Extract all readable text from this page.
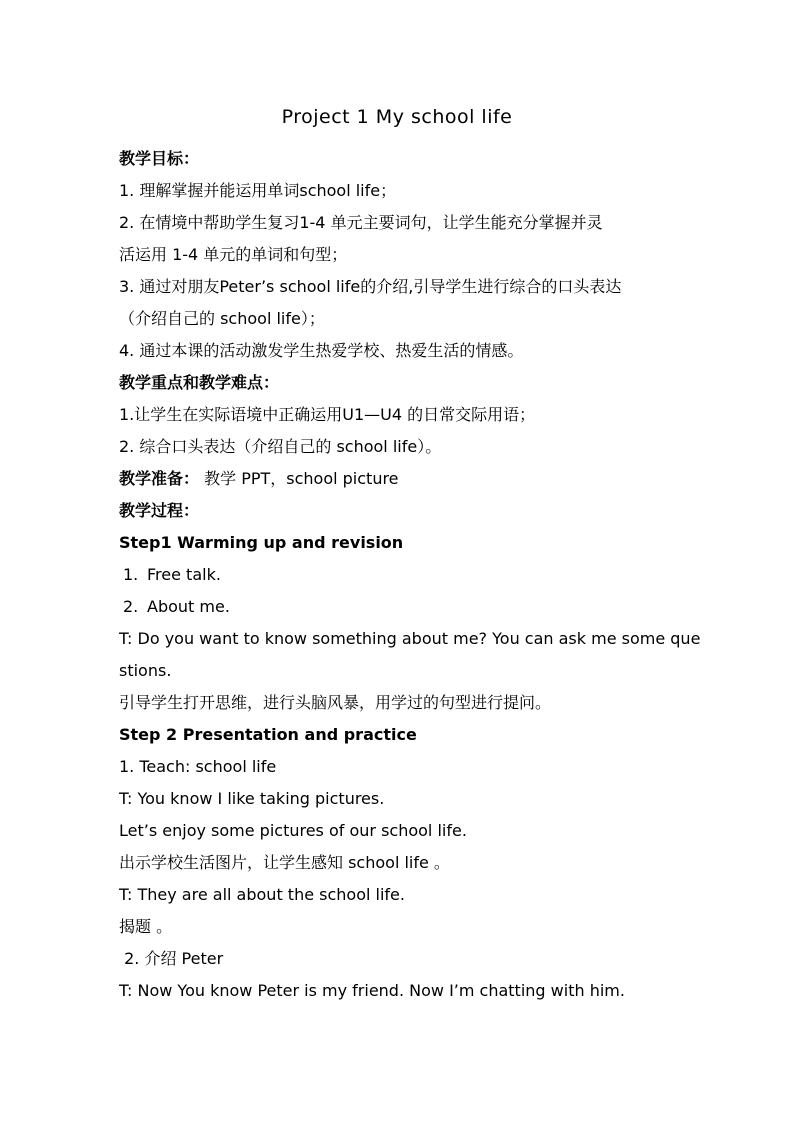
Project 1 My school life
教学目标：
1. 理解掌握并能运用单词school life；
2. 在情境中帮助学生复习1-4 单元主要词句，让学生能充分掌握并灵
活运用 1-4 单元的单词和句型；
3. 通过对朋友Peter’s school life的介绍,引导学生进行综合的口头表达
（介绍自己的 school life）；
4. 通过本课的活动激发学生热爱学校、热爱生活的情感。
教学重点和教学难点：
1.让学生在实际语境中正确运用U1—U4 的日常交际用语；
2. 综合口头表达（介绍自己的 school life）。
教学准备： 教学 PPT，school picture
教学过程：
Step1 Warming up and revision
1. Free talk.
2. About me.
T: Do you want to know something about me? You can ask me some que
stions.
引导学生打开思维，进行头脑风暴，用学过的句型进行提问。
Step 2 Presentation and practice
1. Teach: school life
T: You know I like taking pictures.
Let’s enjoy some pictures of our school life.
出示学校生活图片，让学生感知 school life 。
T: They are all about the school life.
揭题 。
2. 介绍 Peter
T: Now You know Peter is my friend. Now I’m chatting with him.
